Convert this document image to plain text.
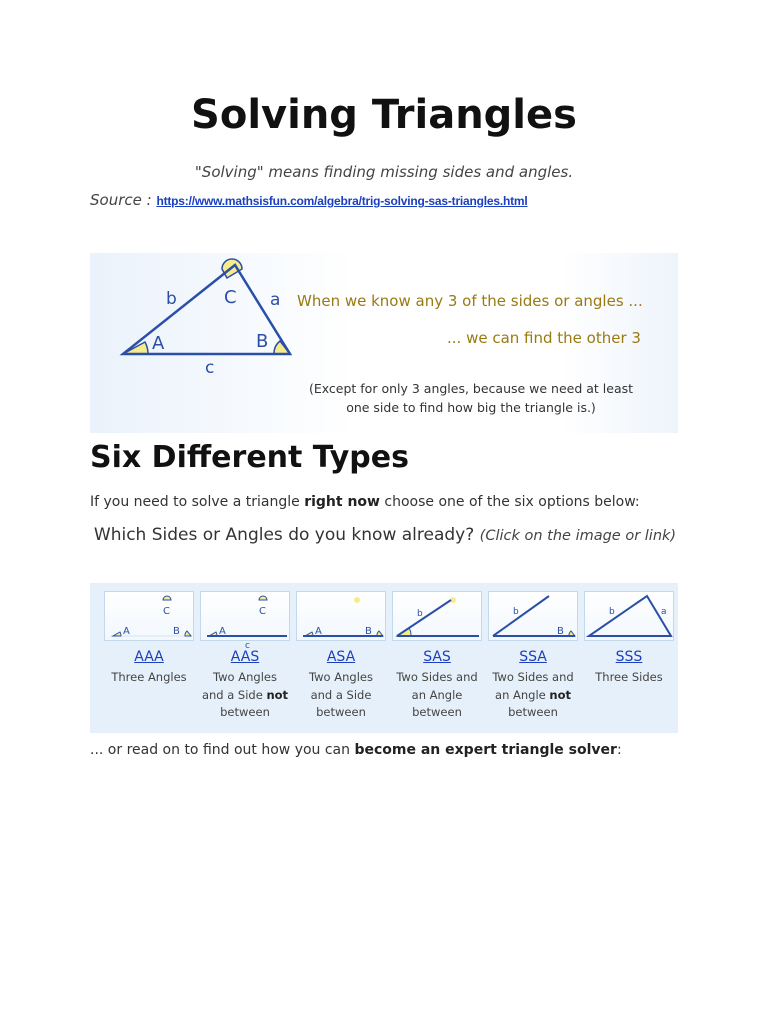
Solving Triangles
"Solving" means finding missing sides and angles.
Source : https://www.mathsisfun.com/algebra/trig-solving-sas-triangles.html
b	C a
A	B
c
When we know any 3 of the sides or angles ...
... we can find the other 3
(Except for only 3 angles, because we need at least
one side to find how big the triangle is.)
Six Different Types
If you need to solve a triangle right now choose one of the six options below:
Which Sides or Angles do you know already? (Click on the image or link)
C
A	B
AAA
Three Angles
C
A
c
AAS
Two Angles
and a Side not
between
A	B
ASA
Two Angles
and a Side
between
b
SAS
Two Sides and
an Angle
between
b
B
SSA
Two Sides and
an Angle not
between
b	a
SSS
Three Sides
... or read on to find out how you can become an expert triangle solver:
